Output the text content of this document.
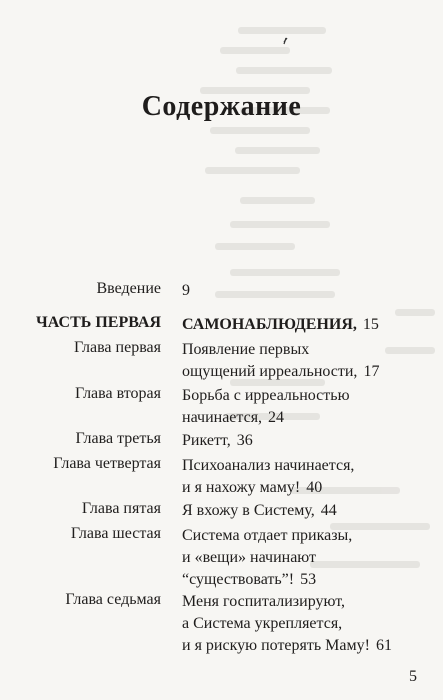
Содержание
Введение 9
ЧАСТЬ ПЕРВАЯ САМОНАБЛЮДЕНИЯ, 15
Глава первая Появление первых
ощущений ирреальности, 17
Глава вторая Борьба с ирреальностью
начинается, 24
Глава третья Рикетт, 36
Глава четвертая Психоанализ начинается,
и я нахожу маму! 40
Глава пятая Я вхожу в Систему, 44
Глава шестая Система отдает приказы,
и «вещи» начинают
“существовать”! 53
Глава седьмая Меня госпитализируют,
а Система укрепляется,
и я рискую потерять Маму! 61
5
